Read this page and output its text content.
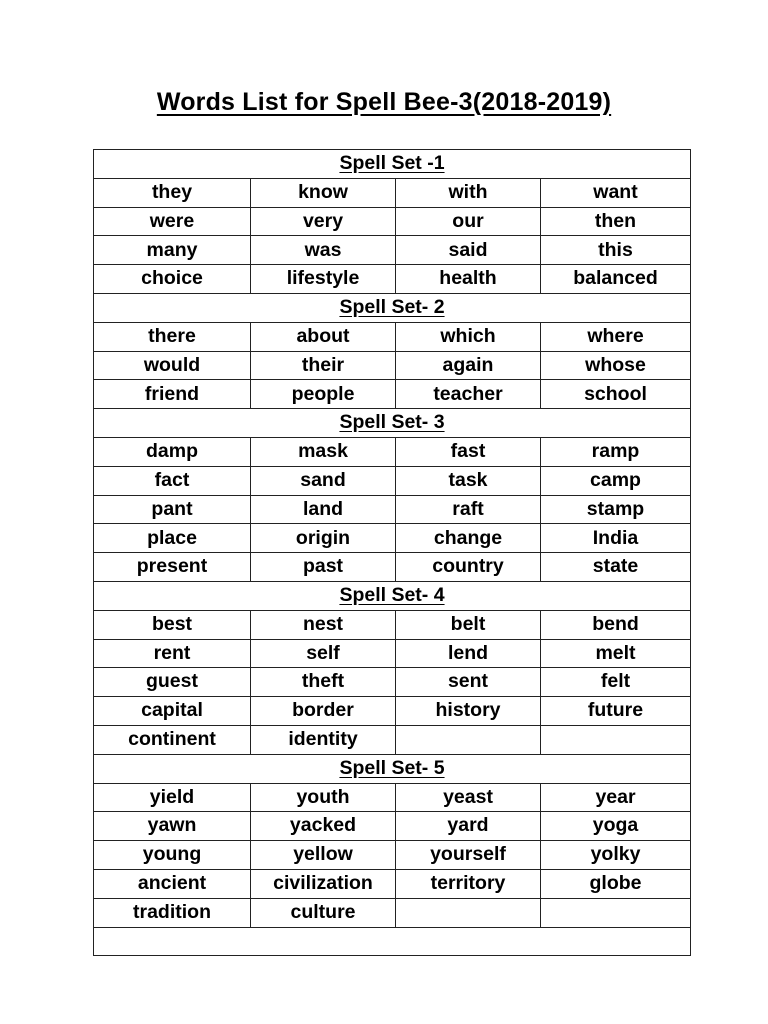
Words List for Spell Bee-3(2018-2019)
Spell Set -1			
they	know	with	want
were	very	our	then
many	was	said	this
choice	lifestyle	health	balanced
Spell Set- 2			
there	about	which	where
would	their	again	whose
friend	people	teacher	school
Spell Set- 3			
damp	mask	fast	ramp
fact	sand	task	camp
pant	land	raft	stamp
place	origin	change	India
present	past	country	state
Spell Set- 4			
best	nest	belt	bend
rent	self	lend	melt
guest	theft	sent	felt
capital	border	history	future
continent	identity		
Spell Set- 5			
yield	youth	yeast	year
yawn	yacked	yard	yoga
young	yellow	yourself	yolky
ancient	civilization	territory	globe
tradition	culture		
